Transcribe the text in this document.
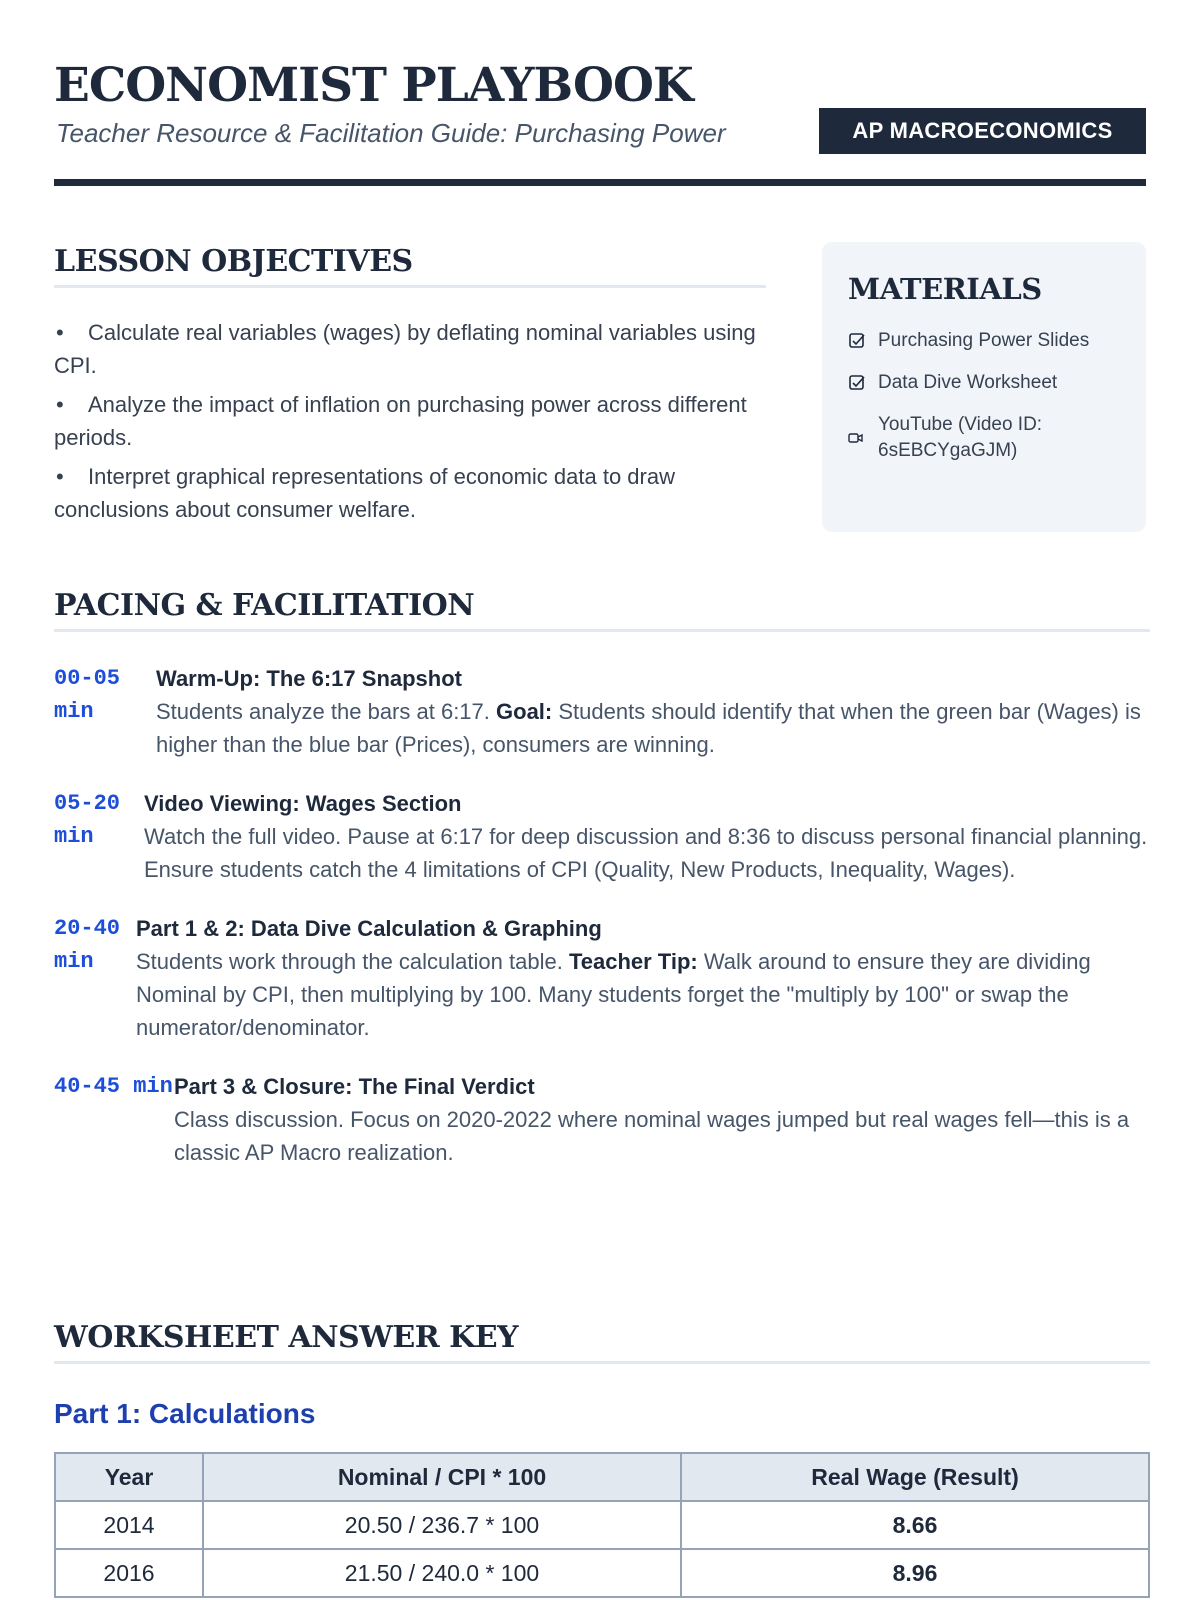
ECONOMIST PLAYBOOK
Teacher Resource & Facilitation Guide: Purchasing Power	AP MACROECONOMICS
LESSON OBJECTIVES
• Calculate real variables (wages) by deflating nominal variables using CPI.
• Analyze the impact of inflation on purchasing power across different periods.
• Interpret graphical representations of economic data to draw conclusions about consumer welfare.
MATERIALS
Purchasing Power Slides
Data Dive Worksheet
YouTube (Video ID: 6sEBCYgaGJM)
PACING & FACILITATION
00-05 min
Warm-Up: The 6:17 Snapshot
Students analyze the bars at 6:17. Goal: Students should identify that when the green bar (Wages) is higher than the blue bar (Prices), consumers are winning.
05-20 min
Video Viewing: Wages Section
Watch the full video. Pause at 6:17 for deep discussion and 8:36 to discuss personal financial planning. Ensure students catch the 4 limitations of CPI (Quality, New Products, Inequality, Wages).
20-40 min
Part 1 & 2: Data Dive Calculation & Graphing
Students work through the calculation table. Teacher Tip: Walk around to ensure they are dividing Nominal by CPI, then multiplying by 100. Many students forget the "multiply by 100" or swap the numerator/denominator.
40-45 min Part 3 & Closure: The Final Verdict
Class discussion. Focus on 2020-2022 where nominal wages jumped but real wages fell—this is a classic AP Macro realization.
WORKSHEET ANSWER KEY
Part 1: Calculations
Year	Nominal / CPI * 100	Real Wage (Result)
2014	20.50 / 236.7 * 100	8.66
2016	21.50 / 240.0 * 100	8.96
